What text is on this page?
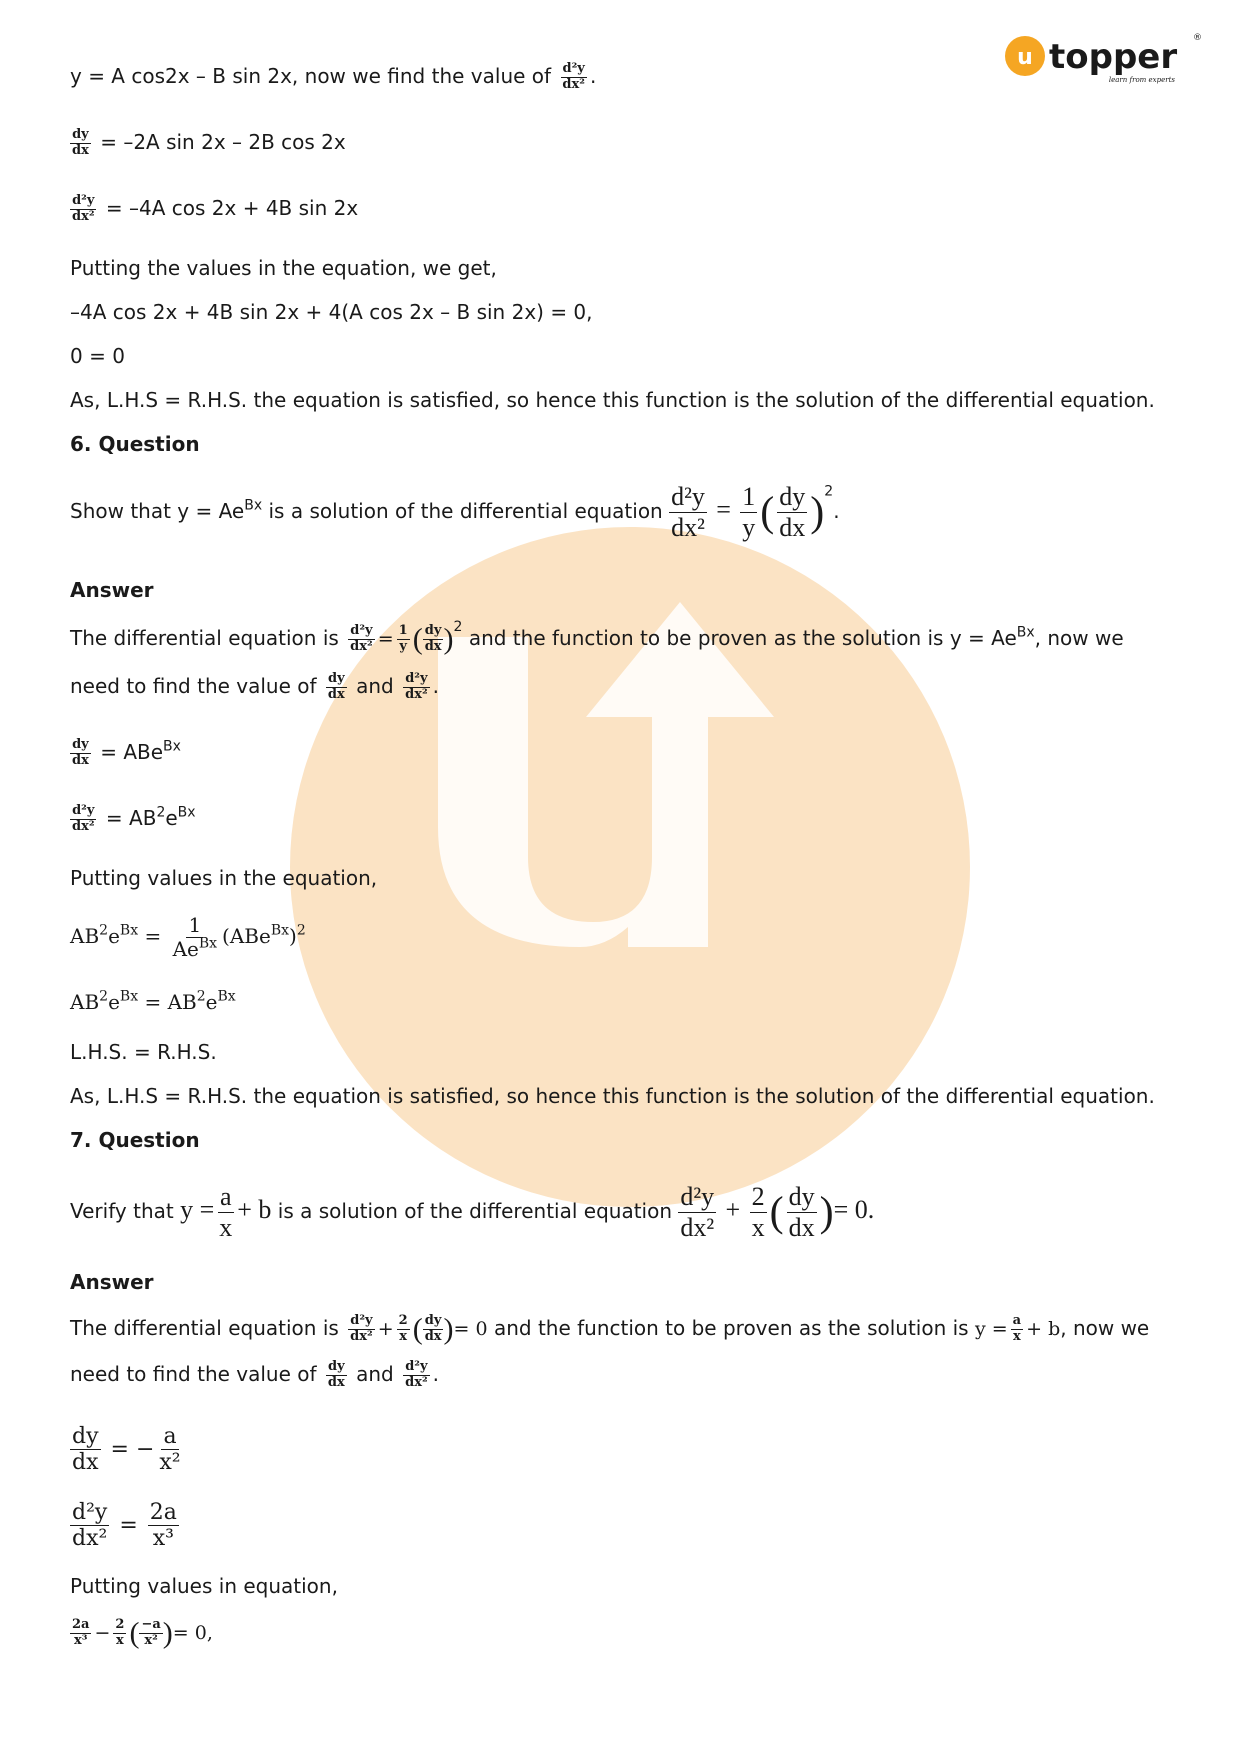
u topper ®
learn from experts
y = A cos2x – B sin 2x, now we find the value of $\frac{\text{d²y}}{\text{dx²}}$ .
$\frac{dy}{dx} = -2A$ sin 2x – 2B cos 2x
$\frac{\text{d²y}}{\text{dx²}} = -4A$ cos 2x + 4B sin 2x
Putting the values in the equation, we get,
–4A cos 2x + 4B sin 2x + 4(A cos 2x – B sin 2x) = 0,
0 = 0
As, L.H.S = R.H.S. the equation is satisfied, so hence this function is the solution of the differential equation.
6. Question
Show that $y = Ae^{Bx}$ is a solution of the differential equation $\frac{\text{d²y}}{\text{dx²}} = \frac{1}{y}$ ( $\frac{dy}{dx} )^2$.
Answer
The differential equation is $\frac{\text{d²y}}{\text{dx²}} = \frac{1}{y}$ ( $\frac{dy}{dx} )^2$ and the function to be proven as the solution is $y = Ae^{Bx}$, now we
need to find the value of $\frac{dy}{dx}$ and $\frac{\text{d²y}}{\text{dx²}}$ .
$\frac{dy}{dx} = ABe^{Bx}$
$\frac{\text{d²y}}{\text{dx²}} = AB^2e^{Bx}$
Putting values in the equation,
$AB^2e^{Bx} = \frac{1}{Ae^{Bx}} (ABe^{Bx})^2$
$AB^2e^{Bx} = AB^2e^{Bx}$
L.H.S. = R.H.S.
As, L.H.S = R.H.S. the equation is satisfied, so hence this function is the solution of the differential equation.
7. Question
Verify that $y = \frac{a}{x} + b$ is a solution of the differential equation $\frac{\text{d²y}}{\text{dx²}} + \frac{2}{x}$ ( $\frac{dy}{dx}$ )= 0.
Answer
The differential equation is $\frac{\text{d²y}}{\text{dx²}} + \frac{2}{x}$ ( $\frac{dy}{dx}$ )= 0 and the function to be proven as the solution is $y = \frac{a}{x} + b$, now we
need to find the value of $\frac{dy}{dx}$ and $\frac{\text{d²y}}{\text{dx²}}$ .
$\frac{dy}{dx}$ = − $\frac{a}{\text{x²}}$
$\frac{\text{d²y}}{\text{dx²}} = \frac{2a}{\text{x³}}$
Putting values in equation,
$\frac{2a}{\text{x³}} - \frac{2}{x}$ ( $\frac{-a}{\text{x²}}$ )= 0,
